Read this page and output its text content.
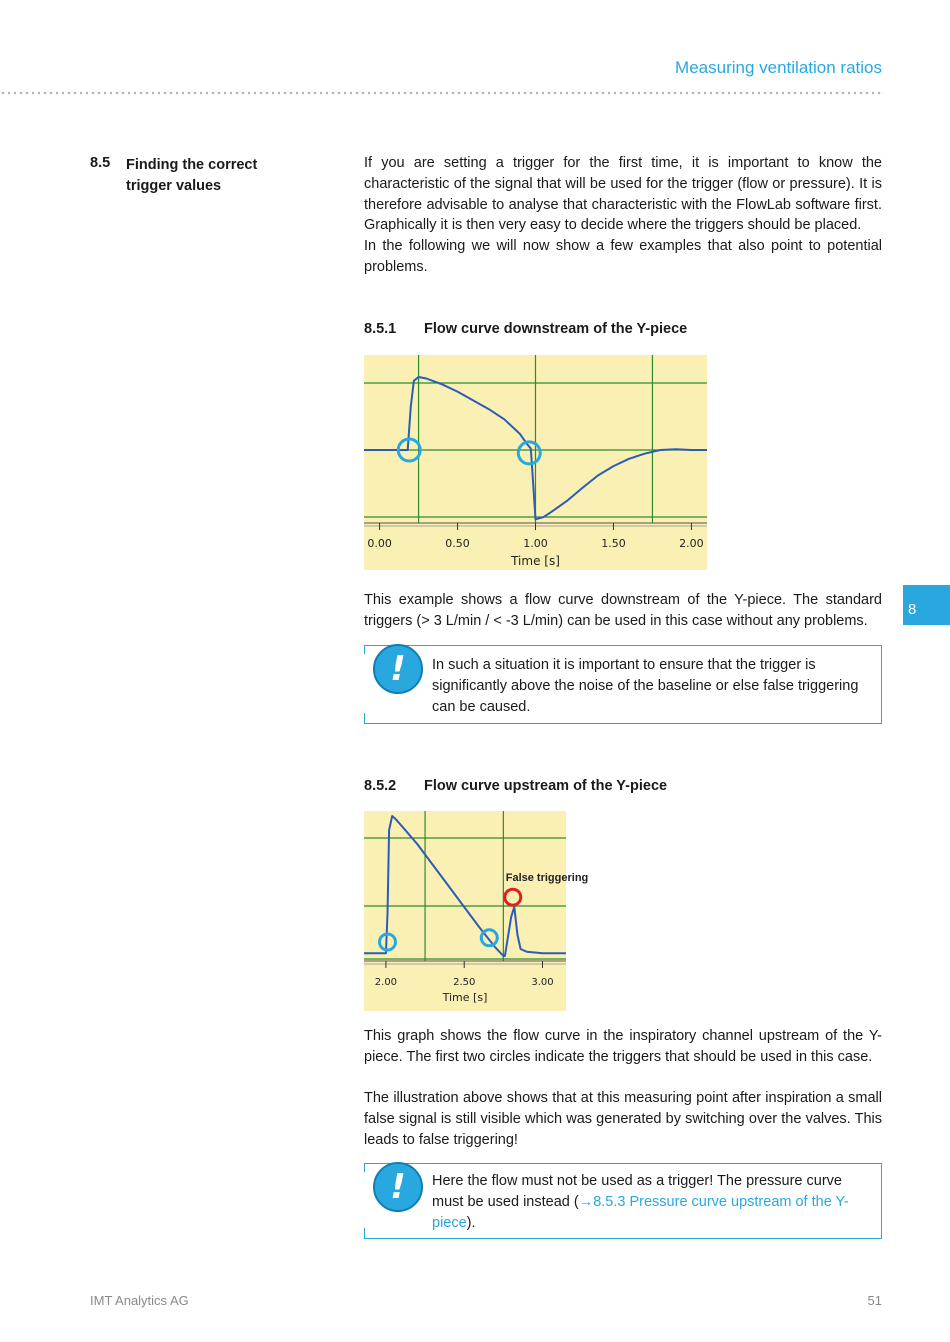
Measuring ventilation ratios
8.5 Finding the correct
trigger values
If you are setting a trigger for the first time, it is important to know the characteristic of the signal that will be used for the trigger (flow or pressure). It is therefore advisable to analyse that characteristic with the FlowLab software first. Graphically it is then very easy to decide where the triggers should be placed.
In the following we will now show a few examples that also point to potential problems.
8.5.1 Flow curve downstream of the Y-piece
0.00	0.50	1.00	1.50	2.00
Time [s]
This example shows a flow curve downstream of the Y-piece. The standard triggers (> 3 L/min / < -3 L/min) can be used in this case without any problems.
!	In such a situation it is important to ensure that the trigger is significantly above the noise of the baseline or else false triggering can be caused.
8.5.2 Flow curve upstream of the Y-piece
2.00	2.50	3.00
Time [s]
False triggering
This graph shows the flow curve in the inspiratory channel upstream of the Y-piece. The first two circles indicate the triggers that should be used in this case.
The illustration above shows that at this measuring point after inspiration a small false signal is still visible which was generated by switching over the valves. This leads to false triggering!
!	Here the flow must not be used as a trigger! The pressure curve must be used instead (→8.5.3 Pressure curve upstream of the Y-piece).
8
IMT Analytics AG	51
